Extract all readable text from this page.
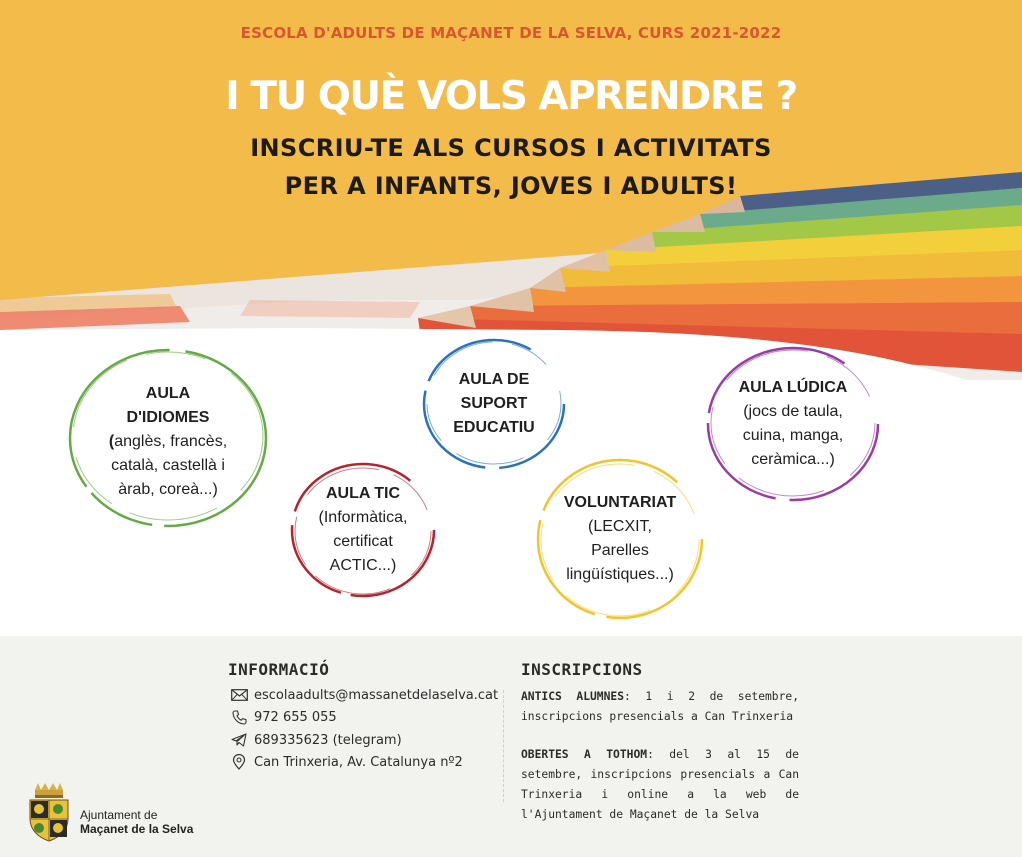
ESCOLA D'ADULTS DE MAÇANET DE LA SELVA, CURS 2021-2022
I TU QUÈ VOLS APRENDRE ?
INSCRIU-TE ALS CURSOS I ACTIVITATS
PER A INFANTS, JOVES I ADULTS!
AULA
D'IDIOMES
(anglès, francès,
català, castellà i
àrab, coreà...)	AULA TIC
(Informàtica,
certificat
ACTIC...)
AULA DE
SUPORT
EDUCATIU
VOLUNTARIAT
(LECXIT,
Parelles
lingüístiques...)
AULA LÚDICA
(jocs de taula,
cuina, manga,
ceràmica...)
INFORMACIÓ
escolaadults@massanetdelaselva.cat
972 655 055
689335623 (telegram)
Can Trinxeria, Av. Catalunya nº2
INSCRIPCIONS
ANTICS ALUMNES: 1 i 2 de setembre, inscripcions presencials a Can Trinxeria
OBERTES A TOTHOM: del 3 al 15 de setembre, inscripcions presencials a Can Trinxeria i online a la web de l'Ajuntament de Maçanet de la Selva
Ajuntament de
Maçanet de la Selva
